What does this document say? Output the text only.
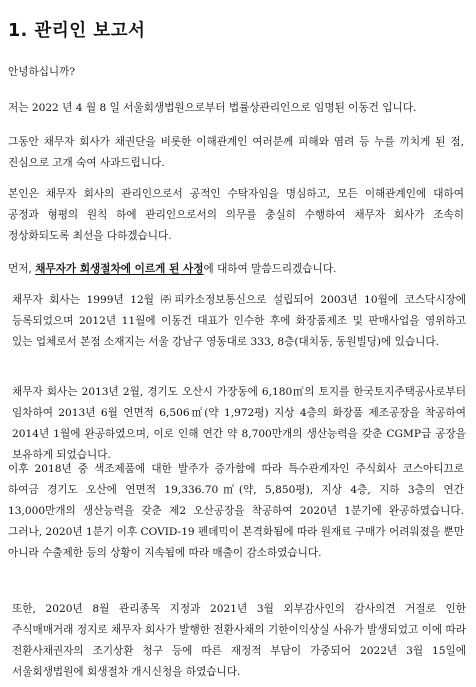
1. 관리인 보고서
안녕하십니까?
저는 2022 년 4 월 8 일 서울회생법원으로부터 법률상관리인으로 임명된 이동건 입니다.
그동안 채무자 회사가 채권단을 비롯한 이해관계인 여러분께 피해와 염려 등 누를 끼치게 된 점, 진심으로 고개 숙여 사과드립니다.
본인은 채무자 회사의 관리인으로서 공적인 수탁자임을 명심하고, 모든 이해관계인에 대하여 공정과 형평의 원칙 하에 관리인으로서의 의무를 충실히 수행하여 채무자 회사가 조속히 정상화되도록 최선을 다하겠습니다.
먼저, 채무자가 회생절차에 이르게 된 사정에 대하여 말씀드리겠습니다.
채무자 회사는 1999년 12월 ㈜피카소정보통신으로 설립되어 2003년 10월에 코스닥시장에 등록되었으며 2012년 11월에 이동건 대표가 인수한 후에 화장품제조 및 판매사업을 영위하고 있는 업체로서 본점 소재지는 서울 강남구 영동대로 333, 8층(대치동, 동원빌딩)에 있습니다.
채무자 회사는 2013년 2월, 경기도 오산시 가장동에 6,180㎡의 토지를 한국토지주택공사로부터 임차하여 2013년 6월 연면적 6,506㎡(약 1,972평) 지상 4층의 화장품 제조공장을 착공하여 2014년 1월에 완공하였으며, 이로 인해 연간 약 8,700만개의 생산능력을 갖춘 CGMP급 공장을 보유하게 되었습니다.
이후 2018년 중 색조제품에 대한 발주가 증가함에 따라 특수관계자인 주식회사 코스아티끄로 하여금 경기도 오산에 연면적 19,336.70㎡(약, 5,850평), 지상 4층, 지하 3층의 연간 13,000만개의 생산능력을 갖춘 제2 오산공장을 착공하여 2020년 1분기에 완공하였습니다. 그러나, 2020년 1분기 이후 COVID-19 펜데믹이 본격화됨에 따라 원재료 구매가 어려워졌을 뿐만 아니라 수출제한 등의 상황이 지속됨에 따라 매출이 감소하였습니다.
또한, 2020년 8월 관리종목 지정과 2021년 3월 외부감사인의 감사의견 거절로 인한 주식매매거래 정지로 채무자 회사가 발행한 전환사채의 기한이익상실 사유가 발생되었고 이에 따라 전환사채권자의 조기상환 청구 등에 따른 재정적 부담이 가중되어 2022년 3월 15일에 서울회생법원에 회생절차 개시신청을 하였습니다.
